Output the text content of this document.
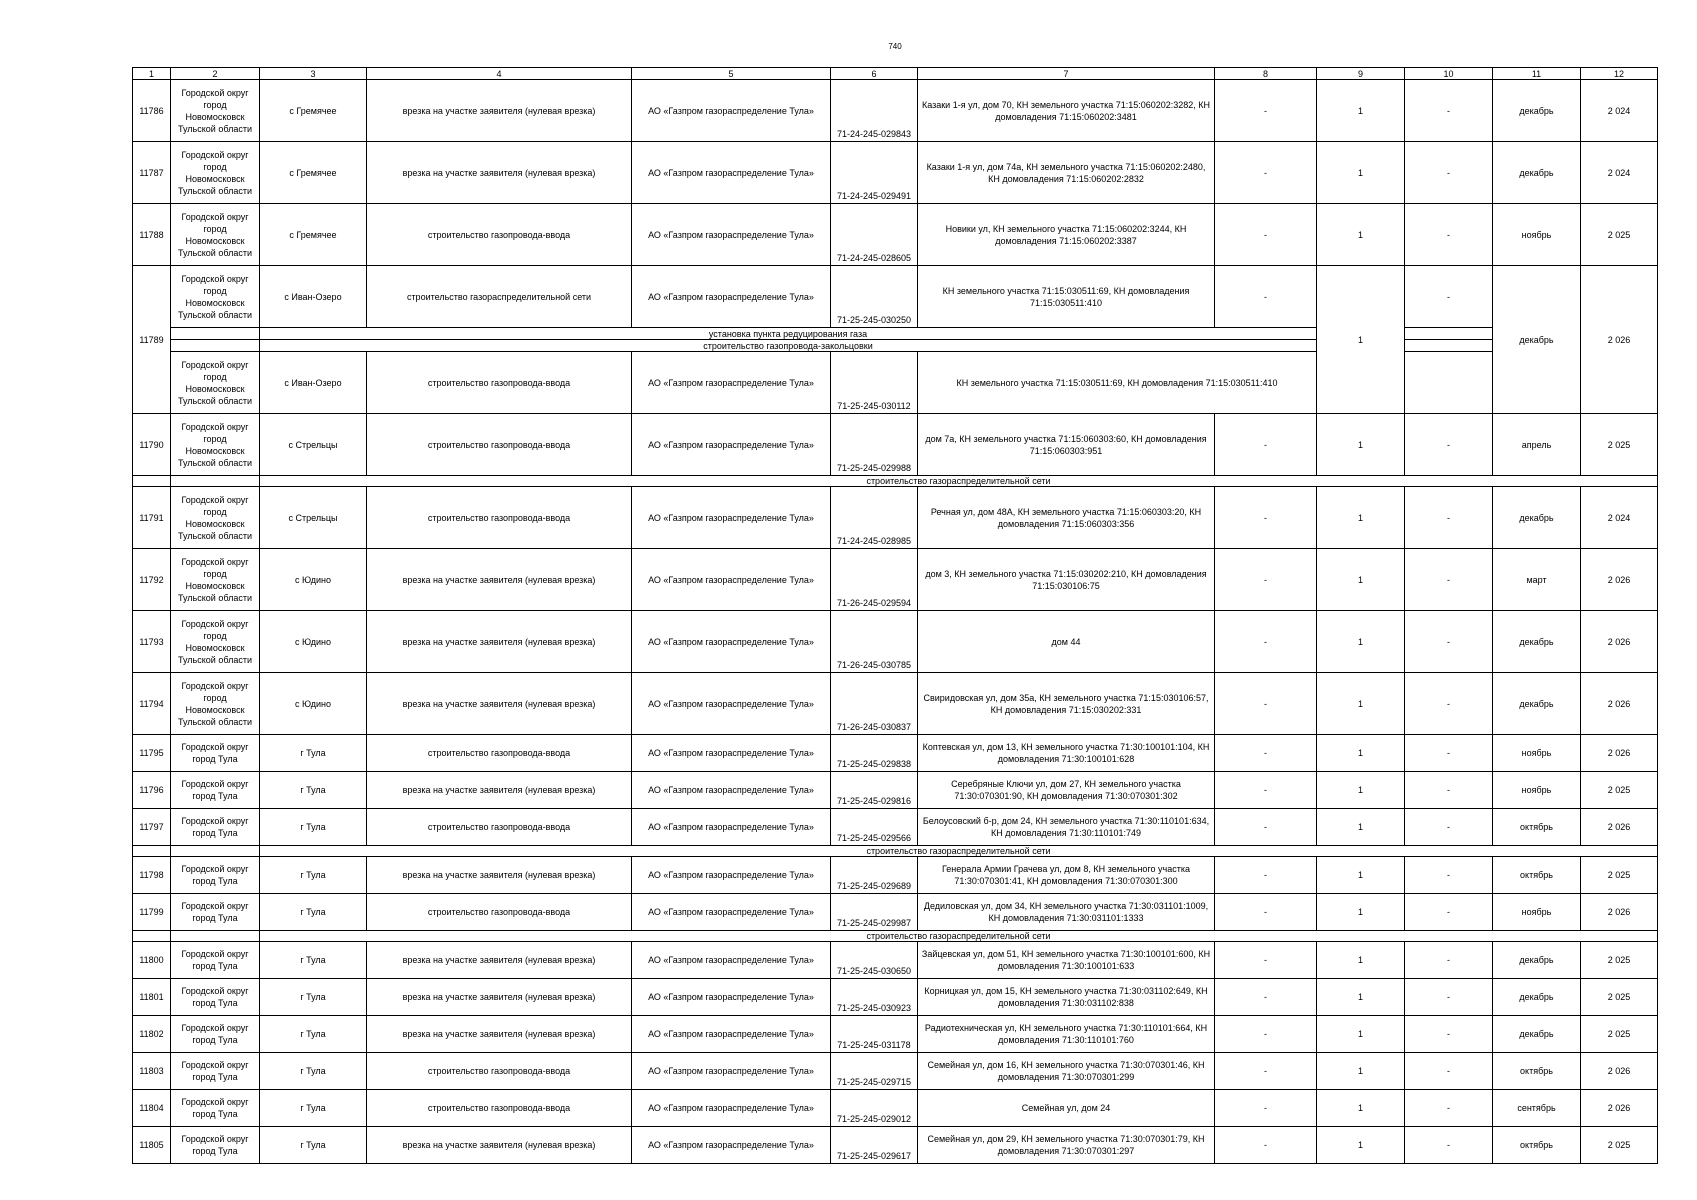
740
1	2	3	4	5	6	7	8	9	10	11	12
11786	Городской округ город Новомосковск Тульской области	с Гремячее	врезка на участке заявителя (нулевая врезка)	АО «Газпром газораспределение Тула»	71-24-245-029843	Казаки 1-я ул, дом 70, КН земельного участка 71:15:060202:3282, КН домовладения 71:15:060202:3481	-	1	-	декабрь	2 024
11787	Городской округ город Новомосковск Тульской области	с Гремячее	врезка на участке заявителя (нулевая врезка)	АО «Газпром газораспределение Тула»	71-24-245-029491	Казаки 1-я ул, дом 74а, КН земельного участка 71:15:060202:2480, КН домовладения 71:15:060202:2832	-	1	-	декабрь	2 024
11788	Городской округ город Новомосковск Тульской области	с Гремячее	строительство газопровода-ввода	АО «Газпром газораспределение Тула»	71-24-245-028605	Новики ул, КН земельного участка 71:15:060202:3244, КН домовладения 71:15:060202:3387	-	1	-	ноябрь	2 025
11789	Городской округ город Новомосковск Тульской области	с Иван-Озеро	строительство газораспределительной сети	АО «Газпром газораспределение Тула»	71-25-245-030250	КН земельного участка 71:15:030511:69, КН домовладения 71:15:030511:410	-	1	-	декабрь	2 026
		установка пункта редуцирования газа									
		строительство газопровода-закольцовки									
	Городской округ город Новомосковск Тульской области	с Иван-Озеро	строительство газопровода-ввода	АО «Газпром газораспределение Тула»	71-25-245-030112	КН земельного участка 71:15:030511:69, КН домовладения 71:15:030511:410					
11790	Городской округ город Новомосковск Тульской области	с Стрельцы	строительство газопровода-ввода	АО «Газпром газораспределение Тула»	71-25-245-029988	дом 7а, КН земельного участка 71:15:060303:60, КН домовладения 71:15:060303:951	-	1	-	апрель	2 025
		строительство газораспределительной сети									
11791	Городской округ город Новомосковск Тульской области	с Стрельцы	строительство газопровода-ввода	АО «Газпром газораспределение Тула»	71-24-245-028985	Речная ул, дом 48А, КН земельного участка 71:15:060303:20, КН домовладения 71:15:060303:356	-	1	-	декабрь	2 024
11792	Городской округ город Новомосковск Тульской области	с Юдино	врезка на участке заявителя (нулевая врезка)	АО «Газпром газораспределение Тула»	71-26-245-029594	дом 3, КН земельного участка 71:15:030202:210, КН домовладения 71:15:030106:75	-	1	-	март	2 026
11793	Городской округ город Новомосковск Тульской области	с Юдино	врезка на участке заявителя (нулевая врезка)	АО «Газпром газораспределение Тула»	71-26-245-030785	дом 44	-	1	-	декабрь	2 026
11794	Городской округ город Новомосковск Тульской области	с Юдино	врезка на участке заявителя (нулевая врезка)	АО «Газпром газораспределение Тула»	71-26-245-030837	Свиридовская ул, дом 35а, КН земельного участка 71:15:030106:57, КН домовладения 71:15:030202:331	-	1	-	декабрь	2 026
11795	Городской округ город Тула	г Тула	строительство газопровода-ввода	АО «Газпром газораспределение Тула»	71-25-245-029838	Коптевская ул, дом 13, КН земельного участка 71:30:100101:104, КН домовладения 71:30:100101:628	-	1	-	ноябрь	2 026
11796	Городской округ город Тула	г Тула	врезка на участке заявителя (нулевая врезка)	АО «Газпром газораспределение Тула»	71-25-245-029816	Серебряные Ключи ул, дом 27, КН земельного участка 71:30:070301:90, КН домовладения 71:30:070301:302	-	1	-	ноябрь	2 025
11797	Городской округ город Тула	г Тула	строительство газопровода-ввода	АО «Газпром газораспределение Тула»	71-25-245-029566	Белоусовский б-р, дом 24, КН земельного участка 71:30:110101:634, КН домовладения 71:30:110101:749	-	1	-	октябрь	2 026
		строительство газораспределительной сети									
11798	Городской округ город Тула	г Тула	врезка на участке заявителя (нулевая врезка)	АО «Газпром газораспределение Тула»	71-25-245-029689	Генерала Армии Грачева ул, дом 8, КН земельного участка 71:30:070301:41, КН домовладения 71:30:070301:300	-	1	-	октябрь	2 025
11799	Городской округ город Тула	г Тула	строительство газопровода-ввода	АО «Газпром газораспределение Тула»	71-25-245-029987	Дедиловская ул, дом 34, КН земельного участка 71:30:031101:1009, КН домовладения 71:30:031101:1333	-	1	-	ноябрь	2 026
		строительство газораспределительной сети									
11800	Городской округ город Тула	г Тула	врезка на участке заявителя (нулевая врезка)	АО «Газпром газораспределение Тула»	71-25-245-030650	Зайцевская ул, дом 51, КН земельного участка 71:30:100101:600, КН домовладения 71:30:100101:633	-	1	-	декабрь	2 025
11801	Городской округ город Тула	г Тула	врезка на участке заявителя (нулевая врезка)	АО «Газпром газораспределение Тула»	71-25-245-030923	Корницкая ул, дом 15, КН земельного участка 71:30:031102:649, КН домовладения 71:30:031102:838	-	1	-	декабрь	2 025
11802	Городской округ город Тула	г Тула	врезка на участке заявителя (нулевая врезка)	АО «Газпром газораспределение Тула»	71-25-245-031178	Радиотехническая ул, КН земельного участка 71:30:110101:664, КН домовладения 71:30:110101:760	-	1	-	декабрь	2 025
11803	Городской округ город Тула	г Тула	строительство газопровода-ввода	АО «Газпром газораспределение Тула»	71-25-245-029715	Семейная ул, дом 16, КН земельного участка 71:30:070301:46, КН домовладения 71:30:070301:299	-	1	-	октябрь	2 026
11804	Городской округ город Тула	г Тула	строительство газопровода-ввода	АО «Газпром газораспределение Тула»	71-25-245-029012	Семейная ул, дом 24	-	1	-	сентябрь	2 026
11805	Городской округ город Тула	г Тула	врезка на участке заявителя (нулевая врезка)	АО «Газпром газораспределение Тула»	71-25-245-029617	Семейная ул, дом 29, КН земельного участка 71:30:070301:79, КН домовладения 71:30:070301:297	-	1	-	октябрь	2 025
